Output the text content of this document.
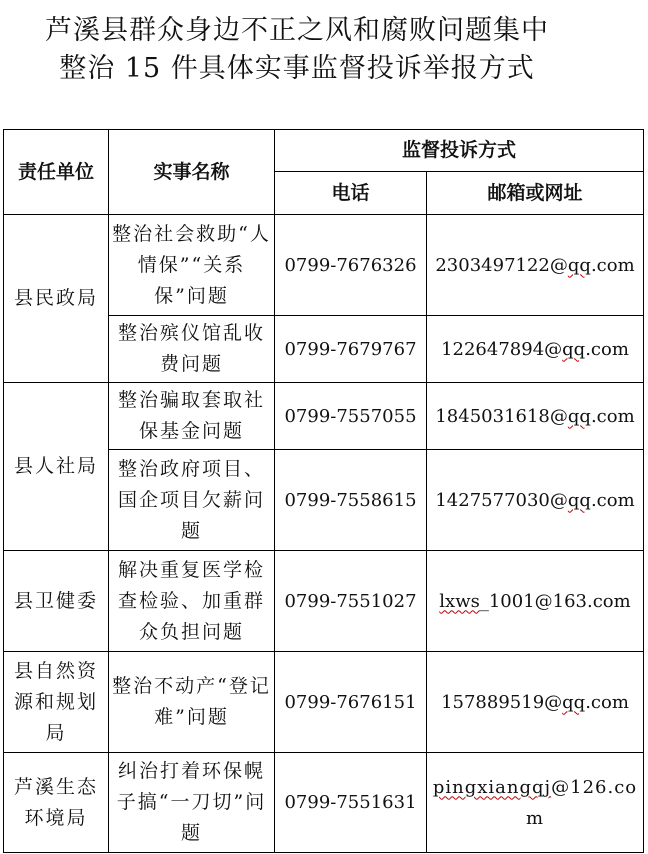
芦溪县群众身边不正之风和腐败问题集中
整治 15 件具体实事监督投诉举报方式
责任单位	实事名称	监督投诉方式	
		电话	邮箱或网址
县民政局	整治社会救助“人情保”“关系保”问题	0799-7676326	2303497122@qq.com
	整治殡仪馆乱收费问题	0799-7679767	122647894@qq.com
县人社局	整治骗取套取社保基金问题	0799-7557055	1845031618@qq.com
	整治政府项目、国企项目欠薪问题	0799-7558615	1427577030@qq.com
县卫健委	解决重复医学检查检验、加重群众负担问题	0799-7551027	lxws_1001@163.com
县自然资源和规划局	整治不动产“登记难”问题	0799-7676151	157889519@qq.com
芦溪生态环境局	纠治打着环保幌子搞“一刀切”问题	0799-7551631	pingxiangqj@126.com
